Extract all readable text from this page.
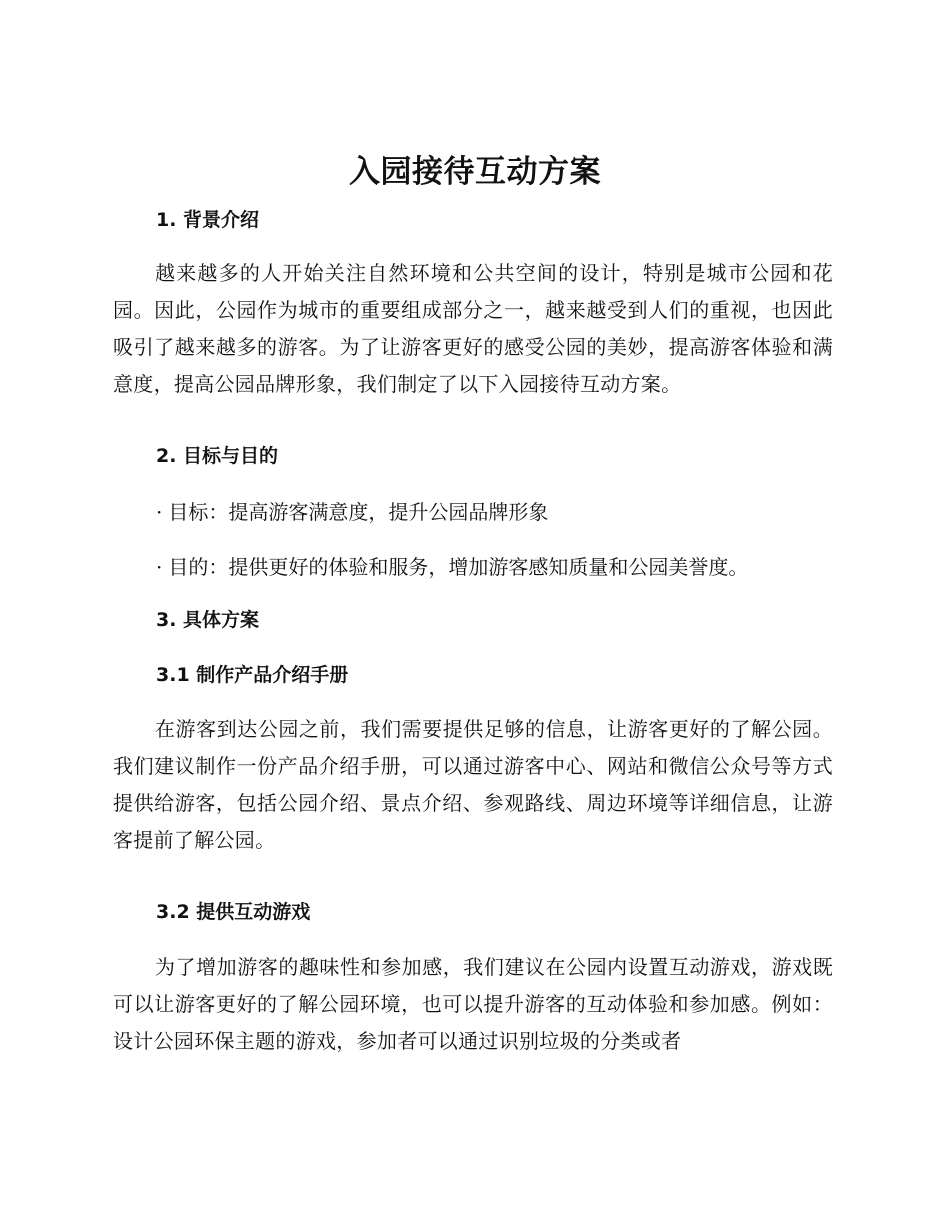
入园接待互动方案
1. 背景介绍
越来越多的人开始关注自然环境和公共空间的设计，特别是城市公园和花园。因此，公园作为城市的重要组成部分之一，越来越受到人们的重视，也因此吸引了越来越多的游客。为了让游客更好的感受公园的美妙，提高游客体验和满意度，提高公园品牌形象，我们制定了以下入园接待互动方案。
2. 目标与目的
· 目标：提高游客满意度，提升公园品牌形象
· 目的：提供更好的体验和服务，增加游客感知质量和公园美誉度。
3. 具体方案
3.1 制作产品介绍手册
在游客到达公园之前，我们需要提供足够的信息，让游客更好的了解公园。我们建议制作一份产品介绍手册，可以通过游客中心、网站和微信公众号等方式提供给游客，包括公园介绍、景点介绍、参观路线、周边环境等详细信息，让游客提前了解公园。
3.2 提供互动游戏
为了增加游客的趣味性和参加感，我们建议在公园内设置互动游戏，游戏既可以让游客更好的了解公园环境，也可以提升游客的互动体验和参加感。例如：设计公园环保主题的游戏，参加者可以通过识别垃圾的分类或者
